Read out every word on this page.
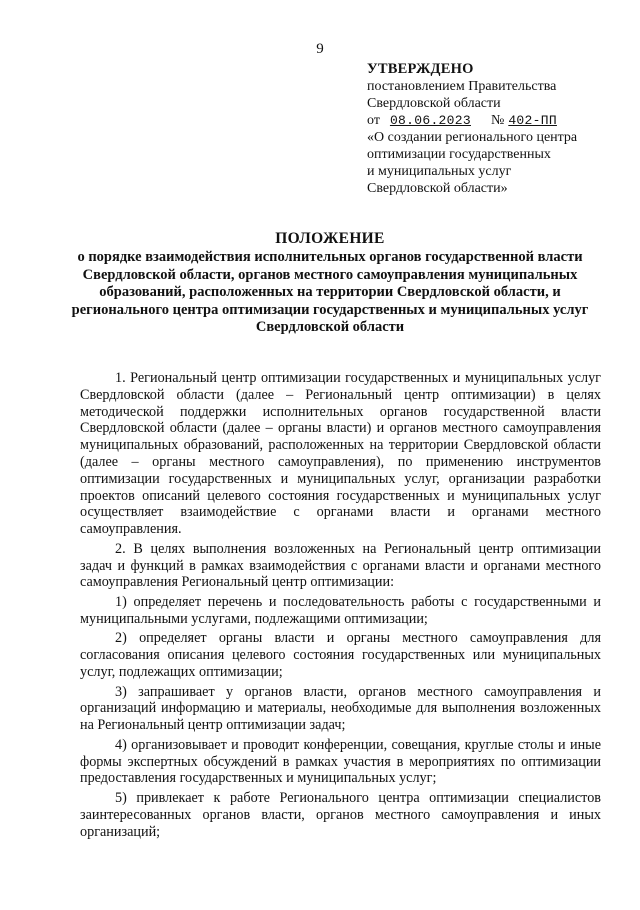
9
УТВЕРЖДЕНО
постановлением Правительства
Свердловской области
от 08.06.2023 № 402-ПП
«О создании регионального центра
оптимизации государственных
и муниципальных услуг
Свердловской области»
ПОЛОЖЕНИЕ
о порядке взаимодействия исполнительных органов государственной власти Свердловской области, органов местного самоуправления муниципальных образований, расположенных на территории Свердловской области, и регионального центра оптимизации государственных и муниципальных услуг Свердловской области

1. Региональный центр оптимизации государственных и муниципальных услуг Свердловской области (далее – Региональный центр оптимизации) в целях методической поддержки исполнительных органов государственной власти Свердловской области (далее – органы власти) и органов местного самоуправления муниципальных образований, расположенных на территории Свердловской области (далее – органы местного самоуправления), по применению инструментов оптимизации государственных и муниципальных услуг, организации разработки проектов описаний целевого состояния государственных и муниципальных услуг осуществляет взаимодействие с органами власти и органами местного самоуправления.

2. В целях выполнения возложенных на Региональный центр оптимизации задач и функций в рамках взаимодействия с органами власти и органами местного самоуправления Региональный центр оптимизации:

1) определяет перечень и последовательность работы с государственными и муниципальными услугами, подлежащими оптимизации;

2) определяет органы власти и органы местного самоуправления для согласования описания целевого состояния государственных или муниципальных услуг, подлежащих оптимизации;

3) запрашивает у органов власти, органов местного самоуправления и организаций информацию и материалы, необходимые для выполнения возложенных на Региональный центр оптимизации задач;

4) организовывает и проводит конференции, совещания, круглые столы и иные формы экспертных обсуждений в рамках участия в мероприятиях по оптимизации предоставления государственных и муниципальных услуг;

5) привлекает к работе Регионального центра оптимизации специалистов заинтересованных органов власти, органов местного самоуправления и иных организаций;
